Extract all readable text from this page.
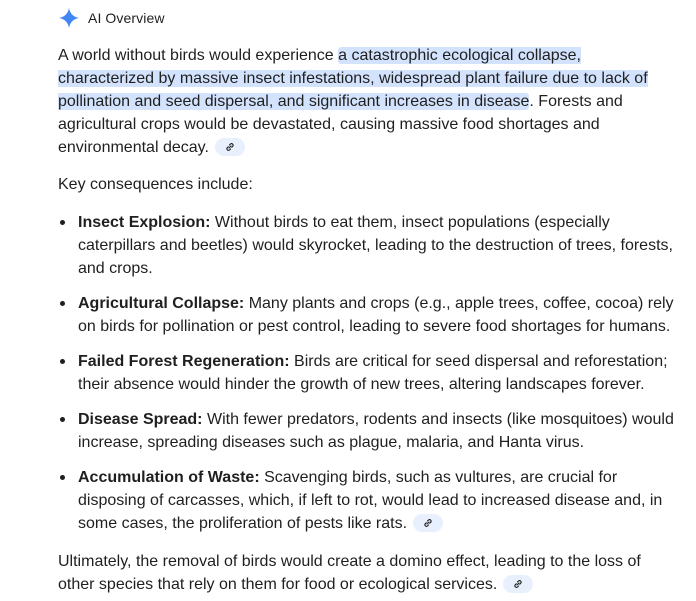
AI Overview

A world without birds would experience a catastrophic ecological collapse, characterized by massive insect infestations, widespread plant failure due to lack of pollination and seed dispersal, and significant increases in disease. Forests and agricultural crops would be devastated, causing massive food shortages and environmental decay.

Key consequences include:

Insect Explosion: Without birds to eat them, insect populations (especially caterpillars and beetles) would skyrocket, leading to the destruction of trees, forests, and crops.
Agricultural Collapse: Many plants and crops (e.g., apple trees, coffee, cocoa) rely on birds for pollination or pest control, leading to severe food shortages for humans.
Failed Forest Regeneration: Birds are critical for seed dispersal and reforestation; their absence would hinder the growth of new trees, altering landscapes forever.
Disease Spread: With fewer predators, rodents and insects (like mosquitoes) would increase, spreading diseases such as plague, malaria, and Hanta virus.
Accumulation of Waste: Scavenging birds, such as vultures, are crucial for disposing of carcasses, which, if left to rot, would lead to increased disease and, in some cases, the proliferation of pests like rats.

Ultimately, the removal of birds would create a domino effect, leading to the loss of other species that rely on them for food or ecological services.
